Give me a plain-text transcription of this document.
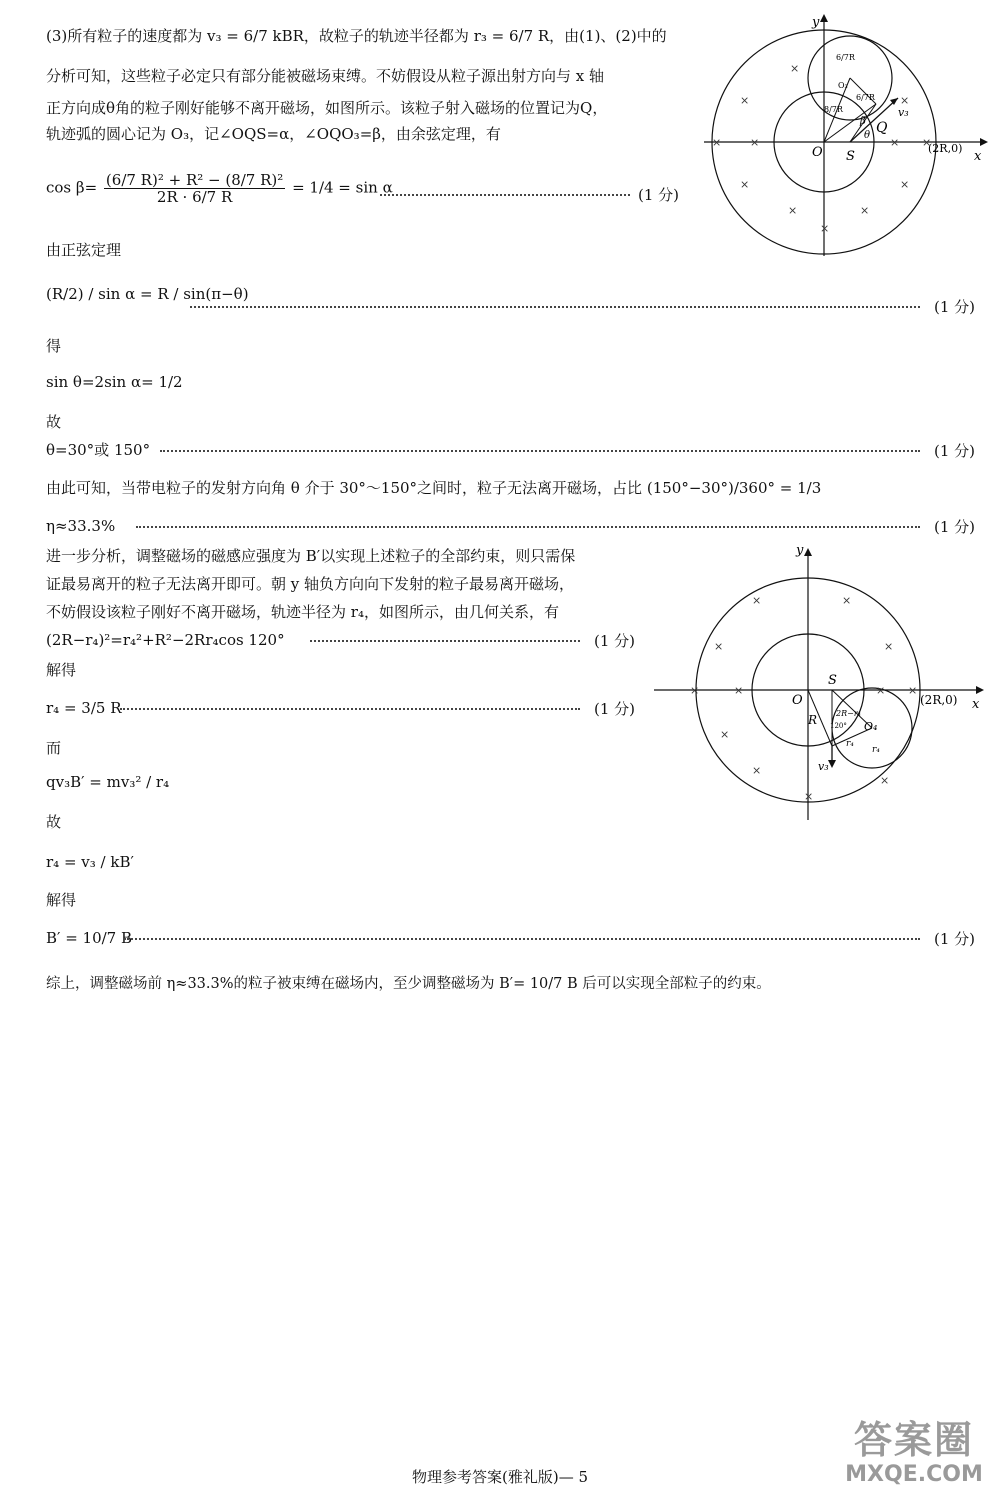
(3)所有粒子的速度都为 v₃ = 6/7 kBR，故粒子的轨迹半径都为 r₃ = 6/7 R，由(1)、(2)中的
分析可知，这些粒子必定只有部分能被磁场束缚。不妨假设从粒子源出射方向与 x 轴
正方向成θ角的粒子刚好能够不离开磁场，如图所示。该粒子射入磁场的位置记为Q，
轨迹弧的圆心记为 O₃，记∠OQS=α，∠OQO₃=β，由余弦定理，有
$\cos \beta= \frac{\text{(6/7 R)² + R² − (8/7 R)²}}{2R \cdot 6/7 R} = 1/4 = \sin \alpha$	(1 分)
由正弦定理
(R/2) / sin α = R / sin(π−θ)
(1 分)
得
sin θ=2sin α= 1/2
故
θ=30°或 150°	(1 分)
由此可知，当带电粒子的发射方向角 θ 介于 30°～150°之间时，粒子无法离开磁场，占比 (150°−30°)/360° = 1/3
η≈33.3%	(1 分)
进一步分析，调整磁场的磁感应强度为 B′以实现上述粒子的全部约束，则只需保
证最易离开的粒子无法离开即可。朝 y 轴负方向向下发射的粒子最易离开磁场，
不妨假设该粒子刚好不离开磁场，轨迹半径为 r₄，如图所示，由几何关系，有
(2R−r₄)²=r₄²+R²−2Rr₄cos 120°	(1 分)
解得
r₄ = 3/5 R	(1 分)
而
qv₃B′ = mv₃² / r₄
故
r₄ = v₃ / kB′
解得
B′ = 10/7 B	(1 分)
综上，调整磁场前 η≈33.3%的粒子被束缚在磁场内，至少调整磁场为 B′= 10/7 B 后可以实现全部粒子的约束。
y
x
O S
Q
(2R,0)
v₃
β
θ
6/7R
6/7R
8/7R
O₃
×
×	×
×	×	× ×
×	×
×	×
×
y
x
O
S
(2R,0)
v₃
R	O₄
r₄
r₄
2R−r₄
120°
×	×
×	×
×	×	× ×
×
×
×
×
物理参考答案(雅礼版)— 5
答案圈
MXQE.COM
